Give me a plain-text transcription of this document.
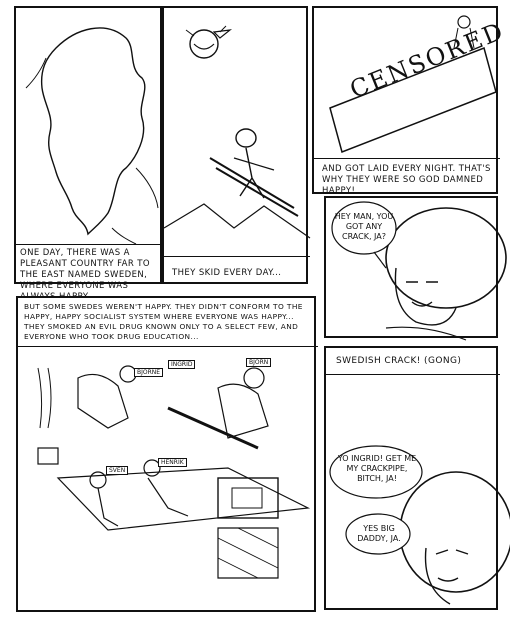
ONE DAY, THERE WAS A PLEASANT COUNTRY FAR TO THE EAST NAMED SWEDEN, WHERE EVERYONE WAS
THEY SKID EVERY DAY...
CENSORED
AND GOT LAID EVERY NIGHT. THAT'S WHY THEY WERE SO GOD DAMNED HAPPY!
HEY MAN, YOU GOT ANY CRACK, JA?
BUT SOME SWEDES WEREN'T HAPPY. THEY DIDN'T CONFORM TO THE HAPPY, HAPPY SOCIALIST SYSTEM WHERE EVERYONE WAS HAPPY... THEY SMOKED AN EVIL DRUG KNOWN ONLY TO A SELECT FEW, AND EVERYONE WHO TOOK DRUG EDUCATION...
BJORNE
INGRID	BJORN
SVEN
HENRIK
SWEDISH CRACK! (GONG)
YO INGRID! GET ME MY CRACKPIPE, BITCH, JA!
YES BIG DADDY, JA.
